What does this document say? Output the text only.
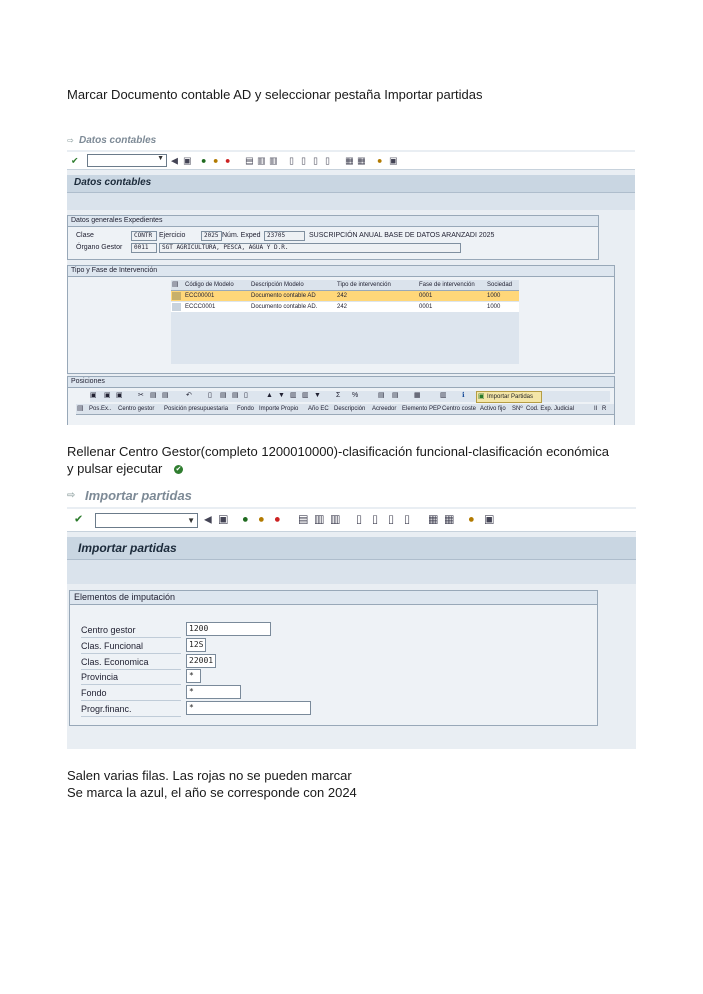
Marcar Documento contable AD y seleccionar pestaña Importar partidas
⇨ Datos contables
✔	▼ ◀ ▣ ● ● ● ▤ ▥ ▥ ▯ ▯ ▯ ▯ ▦ ▦ ● ▣
Datos contables
Datos generales Expedientes
Clase	CONTR Ejercicio	2025 Núm. Exped	23705	SUSCRIPCIÓN ANUAL BASE DE DATOS ARANZADI 2025
Órgano Gestor	0011	SGT AGRICULTURA, PESCA, AGUA Y D.R.
Tipo y Fase de Intervención
▤	Código de Modelo	Descripción Modelo	Tipo de intervención	Fase de intervención	Sociedad
ECC00001	Documento contable AD	242	0001	1000
ECCC0001	Documento contable AD.	242	0001	1000
Posiciones
▣ ▣ ▣ ✂ ▤ ▤ ↶ ▯ ▤ ▤ ▯	▲ ▼ ▥ ▥ ▼ Σ %	▤ ▤ ▦	▥ ℹ ▣ Importar Partidas
▤ Pos.Ex.. Centro gestor Posición presupuestaria Fondo Importe Propio Año EC Descripción Acreedor Elemento PEP Centro coste Activo fijo SNº Cod. Exp. Judicial	II R
Rellenar Centro Gestor(completo 1200010000)-clasificación funcional-clasificación económica
y pulsar ejecutar ✔
⇨ Importar partidas
✔	▼ ◀ ▣ ● ● ● ▤ ▥ ▥ ▯ ▯ ▯ ▯ ▦ ▦ ● ▣
Importar partidas
Elementos de imputación
Centro gestor	1200
Clas. Funcional	12S
Clas. Economica	22001
Provincia	*
Fondo	*
Progr.financ.	*
Salen varias filas. Las rojas no se pueden marcar
Se marca la azul, el año se corresponde con 2024
